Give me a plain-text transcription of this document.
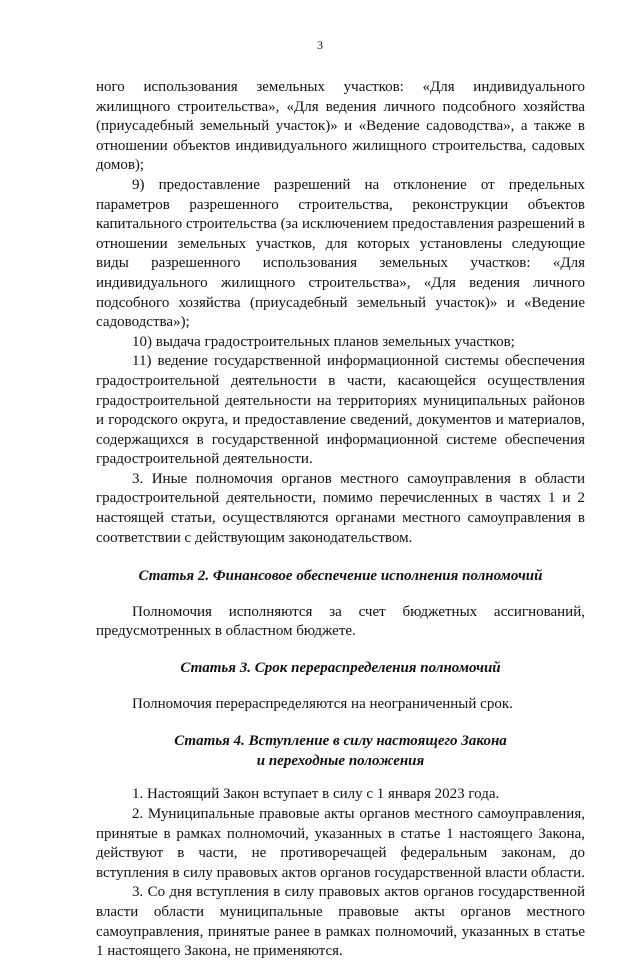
3

ного использования земельных участков: «Для индивидуального жилищного строительства», «Для ведения личного подсобного хозяйства (приусадебный земельный участок)» и «Ведение садоводства», а также в отношении объектов индивидуального жилищного строительства, садовых домов);

9) предоставление разрешений на отклонение от предельных параметров разрешенного строительства, реконструкции объектов капитального строительства (за исключением предоставления разрешений в отношении земельных участков, для которых установлены следующие виды разрешенного использования земельных участков: «Для индивидуального жилищного строительства», «Для ведения личного подсобного хозяйства (приусадебный земельный участок)» и «Ведение садоводства»);

10) выдача градостроительных планов земельных участков;

11) ведение государственной информационной системы обеспечения градостроительной деятельности в части, касающейся осуществления градостроительной деятельности на территориях муниципальных районов и городского округа, и предоставление сведений, документов и материалов, содержащихся в государственной информационной системе обеспечения градостроительной деятельности.

3. Иные полномочия органов местного самоуправления в области градостроительной деятельности, помимо перечисленных в частях 1 и 2 настоящей статьи, осуществляются органами местного самоуправления в соответствии с действующим законодательством.

Статья 2. Финансовое обеспечение исполнения полномочий

Полномочия исполняются за счет бюджетных ассигнований, предусмотренных в областном бюджете.

Статья 3. Срок перераспределения полномочий

Полномочия перераспределяются на неограниченный срок.

Статья 4. Вступление в силу настоящего Закона

и переходные положения

1. Настоящий Закон вступает в силу с 1 января 2023 года.

2. Муниципальные правовые акты органов местного самоуправления, принятые в рамках полномочий, указанных в статье 1 настоящего Закона, действуют в части, не противоречащей федеральным законам, до вступления в силу правовых актов органов государственной власти области.

3. Со дня вступления в силу правовых актов органов государственной власти области муниципальные правовые акты органов местного самоуправления, принятые ранее в рамках полномочий, указанных в статье 1 настоящего Закона, не применяются.
